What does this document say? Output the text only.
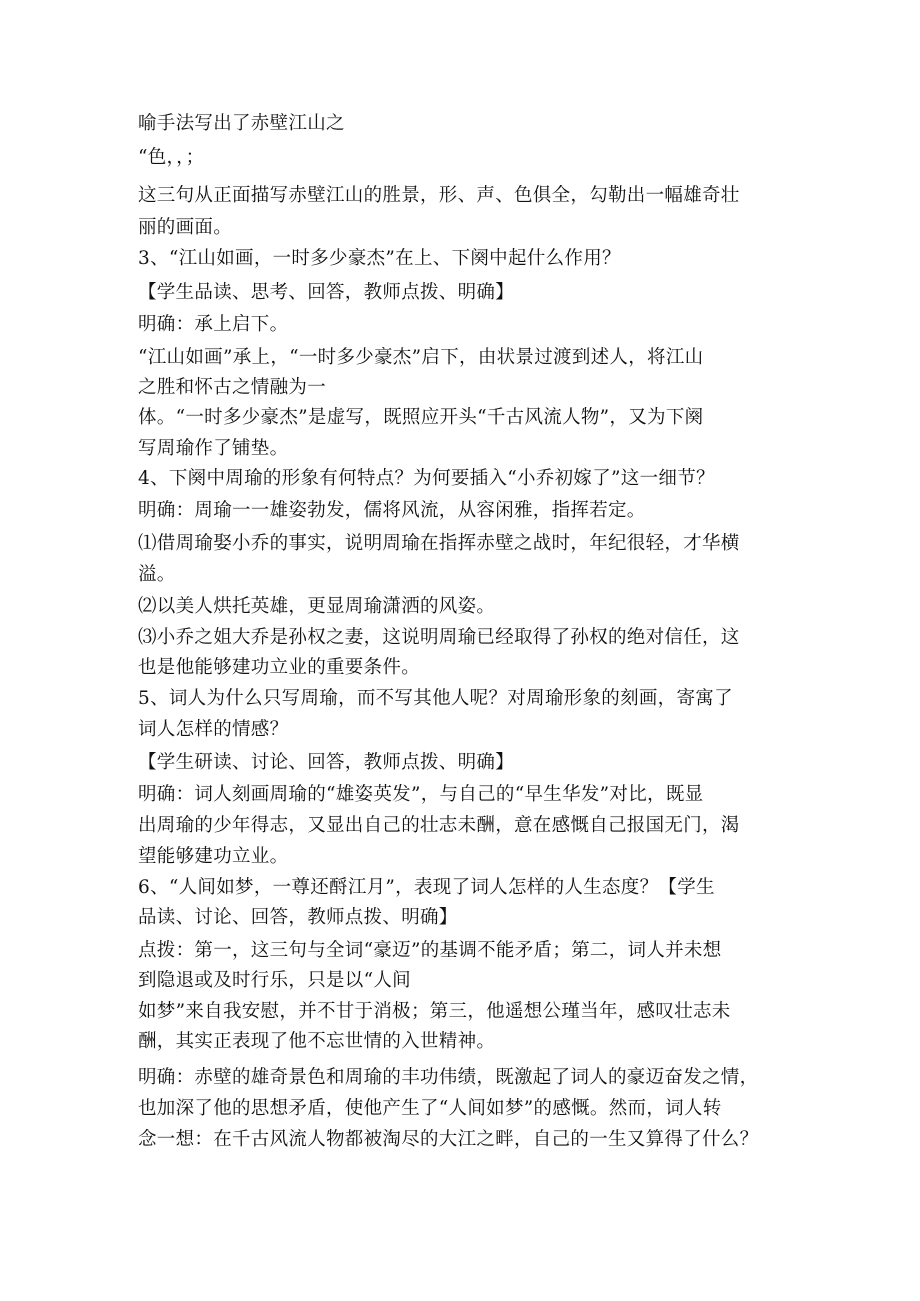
喻手法写出了赤壁江山之
“色，，；
这三句从正面描写赤壁江山的胜景，形、声、色俱全，勾勒出一幅雄奇壮
丽的画面。
3、“江山如画，一时多少豪杰”在上、下阕中起什么作用？
【学生品读、思考、回答，教师点拨、明确】
明确：承上启下。
“江山如画”承上，“一时多少豪杰”启下，由状景过渡到述人，将江山
之胜和怀古之情融为一
体。“一时多少豪杰”是虚写，既照应开头“千古风流人物”，又为下阕
写周瑜作了铺垫。
4、下阕中周瑜的形象有何特点？为何要插入“小乔初嫁了”这一细节？
明确：周瑜一一雄姿勃发，儒将风流，从容闲雅，指挥若定。
⑴借周瑜娶小乔的事实，说明周瑜在指挥赤壁之战时，年纪很轻，才华横
溢。
⑵以美人烘托英雄，更显周瑜潇洒的风姿。
⑶小乔之姐大乔是孙权之妻，这说明周瑜已经取得了孙权的绝对信任，这
也是他能够建功立业的重要条件。
5、词人为什么只写周瑜，而不写其他人呢？对周瑜形象的刻画，寄寓了
词人怎样的情感？
【学生研读、讨论、回答，教师点拨、明确】
明确：词人刻画周瑜的“雄姿英发”，与自己的“早生华发”对比，既显
出周瑜的少年得志，又显出自己的壮志未酬，意在感慨自己报国无门，渴
望能够建功立业。
6、“人间如梦，一尊还酹江月”，表现了词人怎样的人生态度？【学生
品读、讨论、回答，教师点拨、明确】
点拨：第一，这三句与全词“豪迈”的基调不能矛盾；第二，词人并未想
到隐退或及时行乐，只是以“人间
如梦”来自我安慰，并不甘于消极；第三，他遥想公瑾当年，感叹壮志未
酬，其实正表现了他不忘世情的入世精神。
明确：赤壁的雄奇景色和周瑜的丰功伟绩，既激起了词人的豪迈奋发之情，
也加深了他的思想矛盾，使他产生了“人间如梦”的感慨。然而，词人转
念一想：在千古风流人物都被淘尽的大江之畔，自己的一生又算得了什么？
